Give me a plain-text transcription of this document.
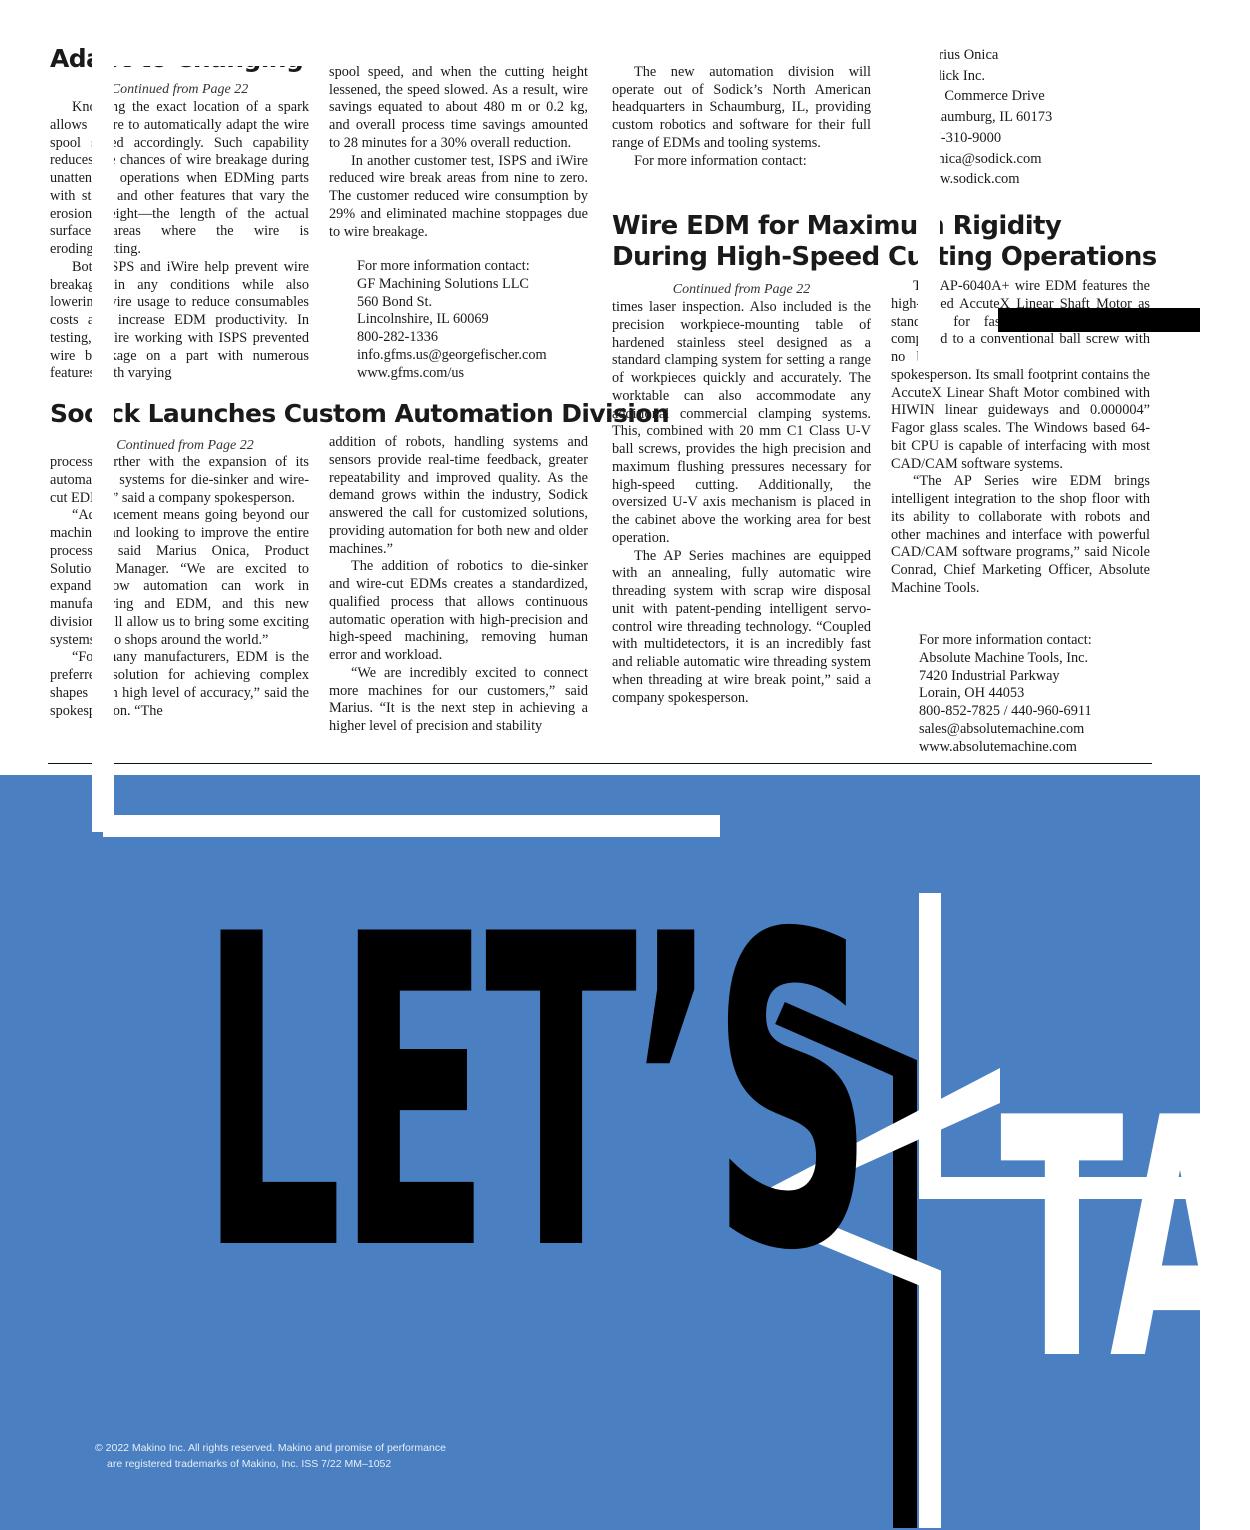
Adapt to Changing
Continued from Page 22

Knowing the exact location of a spark allows iWire to automatically adapt the wire spool speed accordingly. Such capability reduces the chances of wire breakage during unattended operations when EDMing parts with steps and other features that vary the erosion height—the length of the actual surface areas where the wire is eroding/cutting.

Both ISPS and iWire help prevent wire breakage in any conditions while also lowering wire usage to reduce consumables costs and increase EDM productivity. In testing, iWire working with ISPS prevented wire breakage on a part with numerous features with varying

erosion heights. The cut started at a standard spool speed, and when the cutting height lessened, the speed slowed. As a result, wire savings equated to about 480 m or 0.2 kg, and overall process time savings amounted to 28 minutes for a 30% overall reduction.

In another customer test, ISPS and iWire reduced wire break areas from nine to zero. The customer reduced wire consumption by 29% and eliminated machine stoppages due to wire breakage.

For more information contact:
GF Machining Solutions LLC
560 Bond St.
Lincolnshire, IL 60069
800-282-1336
info.gfms.us@georgefischer.com
www.gfms.com/us
Sodick Launches Custom Automation Division
Continued from Page 22

process further with the expansion of its automation systems for die-sinker and wire-cut EDMs,” said a company spokesperson.

“Advancement means going beyond our machines and looking to improve the entire process,” said Marius Onica, Product Solutions Manager. “We are excited to expand how automation can work in manufacturing and EDM, and this new division will allow us to bring some exciting systems into shops around the world.”

“For many manufacturers, EDM is the preferred solution for achieving complex shapes with high level of accuracy,” said the spokesperson. “The

addition of robots, handling systems and sensors provide real-time feedback, greater repeatability and improved quality. As the demand grows within the industry, Sodick answered the call for customized solutions, providing automation for both new and older machines.”

The addition of robotics to die-sinker and wire-cut EDMs creates a standardized, qualified process that allows continuous automatic operation with high-precision and high-speed machining, removing human error and workload.

“We are incredibly excited to connect more machines for our customers,” said Marius. “It is the next step in achieving a higher level of precision and stability

in the shops.”

The new automation division will operate out of Sodick’s North American headquarters in Schaumburg, IL, providing custom robotics and software for their full range of EDMs and tooling systems.

For more information contact:

Marius Onica
Sodick Inc.
601 Commerce Drive
Schaumburg, IL 60173
847-310-9000
monica@sodick.com
www.sodick.com
Wire EDM for Maximum Rigidity
During High-Speed Cutting Operations
Continued from Page 22

times laser inspection. Also included is the precision workpiece-mounting table of hardened stainless steel designed as a standard clamping system for setting a range of workpieces quickly and accurately. The worktable can also accommodate any additional commercial clamping systems. This, combined with 20 mm C1 Class U-V ball screws, provides the high precision and maximum flushing pressures necessary for high-speed cutting. Additionally, the oversized U-V axis mechanism is placed in the cabinet above the working area for best operation.

The AP Series machines are equipped with an annealing, fully automatic wire threading system with scrap wire disposal unit with patent-pending intelligent servo-control wire threading technology. “Coupled with multidetectors, it is an incredibly fast and reliable automatic wire threading system when threading at wire break point,” said a company spokesperson.

The AP-6040A+ wire EDM features the high-speed AccuteX Linear Shaft Motor as standard for faster servo response as compared to a conventional ball screw with no backlash or lost motion, noted the spokesperson. Its small footprint contains the AccuteX Linear Shaft Motor combined with HIWIN linear guideways and 0.000004” Fagor glass scales. The Windows based 64-bit CPU is capable of interfacing with most CAD/CAM software systems.

“The AP Series wire EDM brings intelligent integration to the shop floor with its ability to collaborate with robots and other machines and interface with powerful CAD/CAM software programs,” said Nicole Conrad, Chief Marketing Officer, Absolute Machine Tools.

For more information contact:
Absolute Machine Tools, Inc.
7420 Industrial Parkway
Lorain, OH 44053
800-852-7825 / 440-960-6911
sales@absolutemachine.com
www.absolutemachine.com
LET’S TA
© 2022 Makino Inc. All rights reserved. Makino and promise of performance
are registered trademarks of Makino, Inc. ISS 7/22 MM–1052
